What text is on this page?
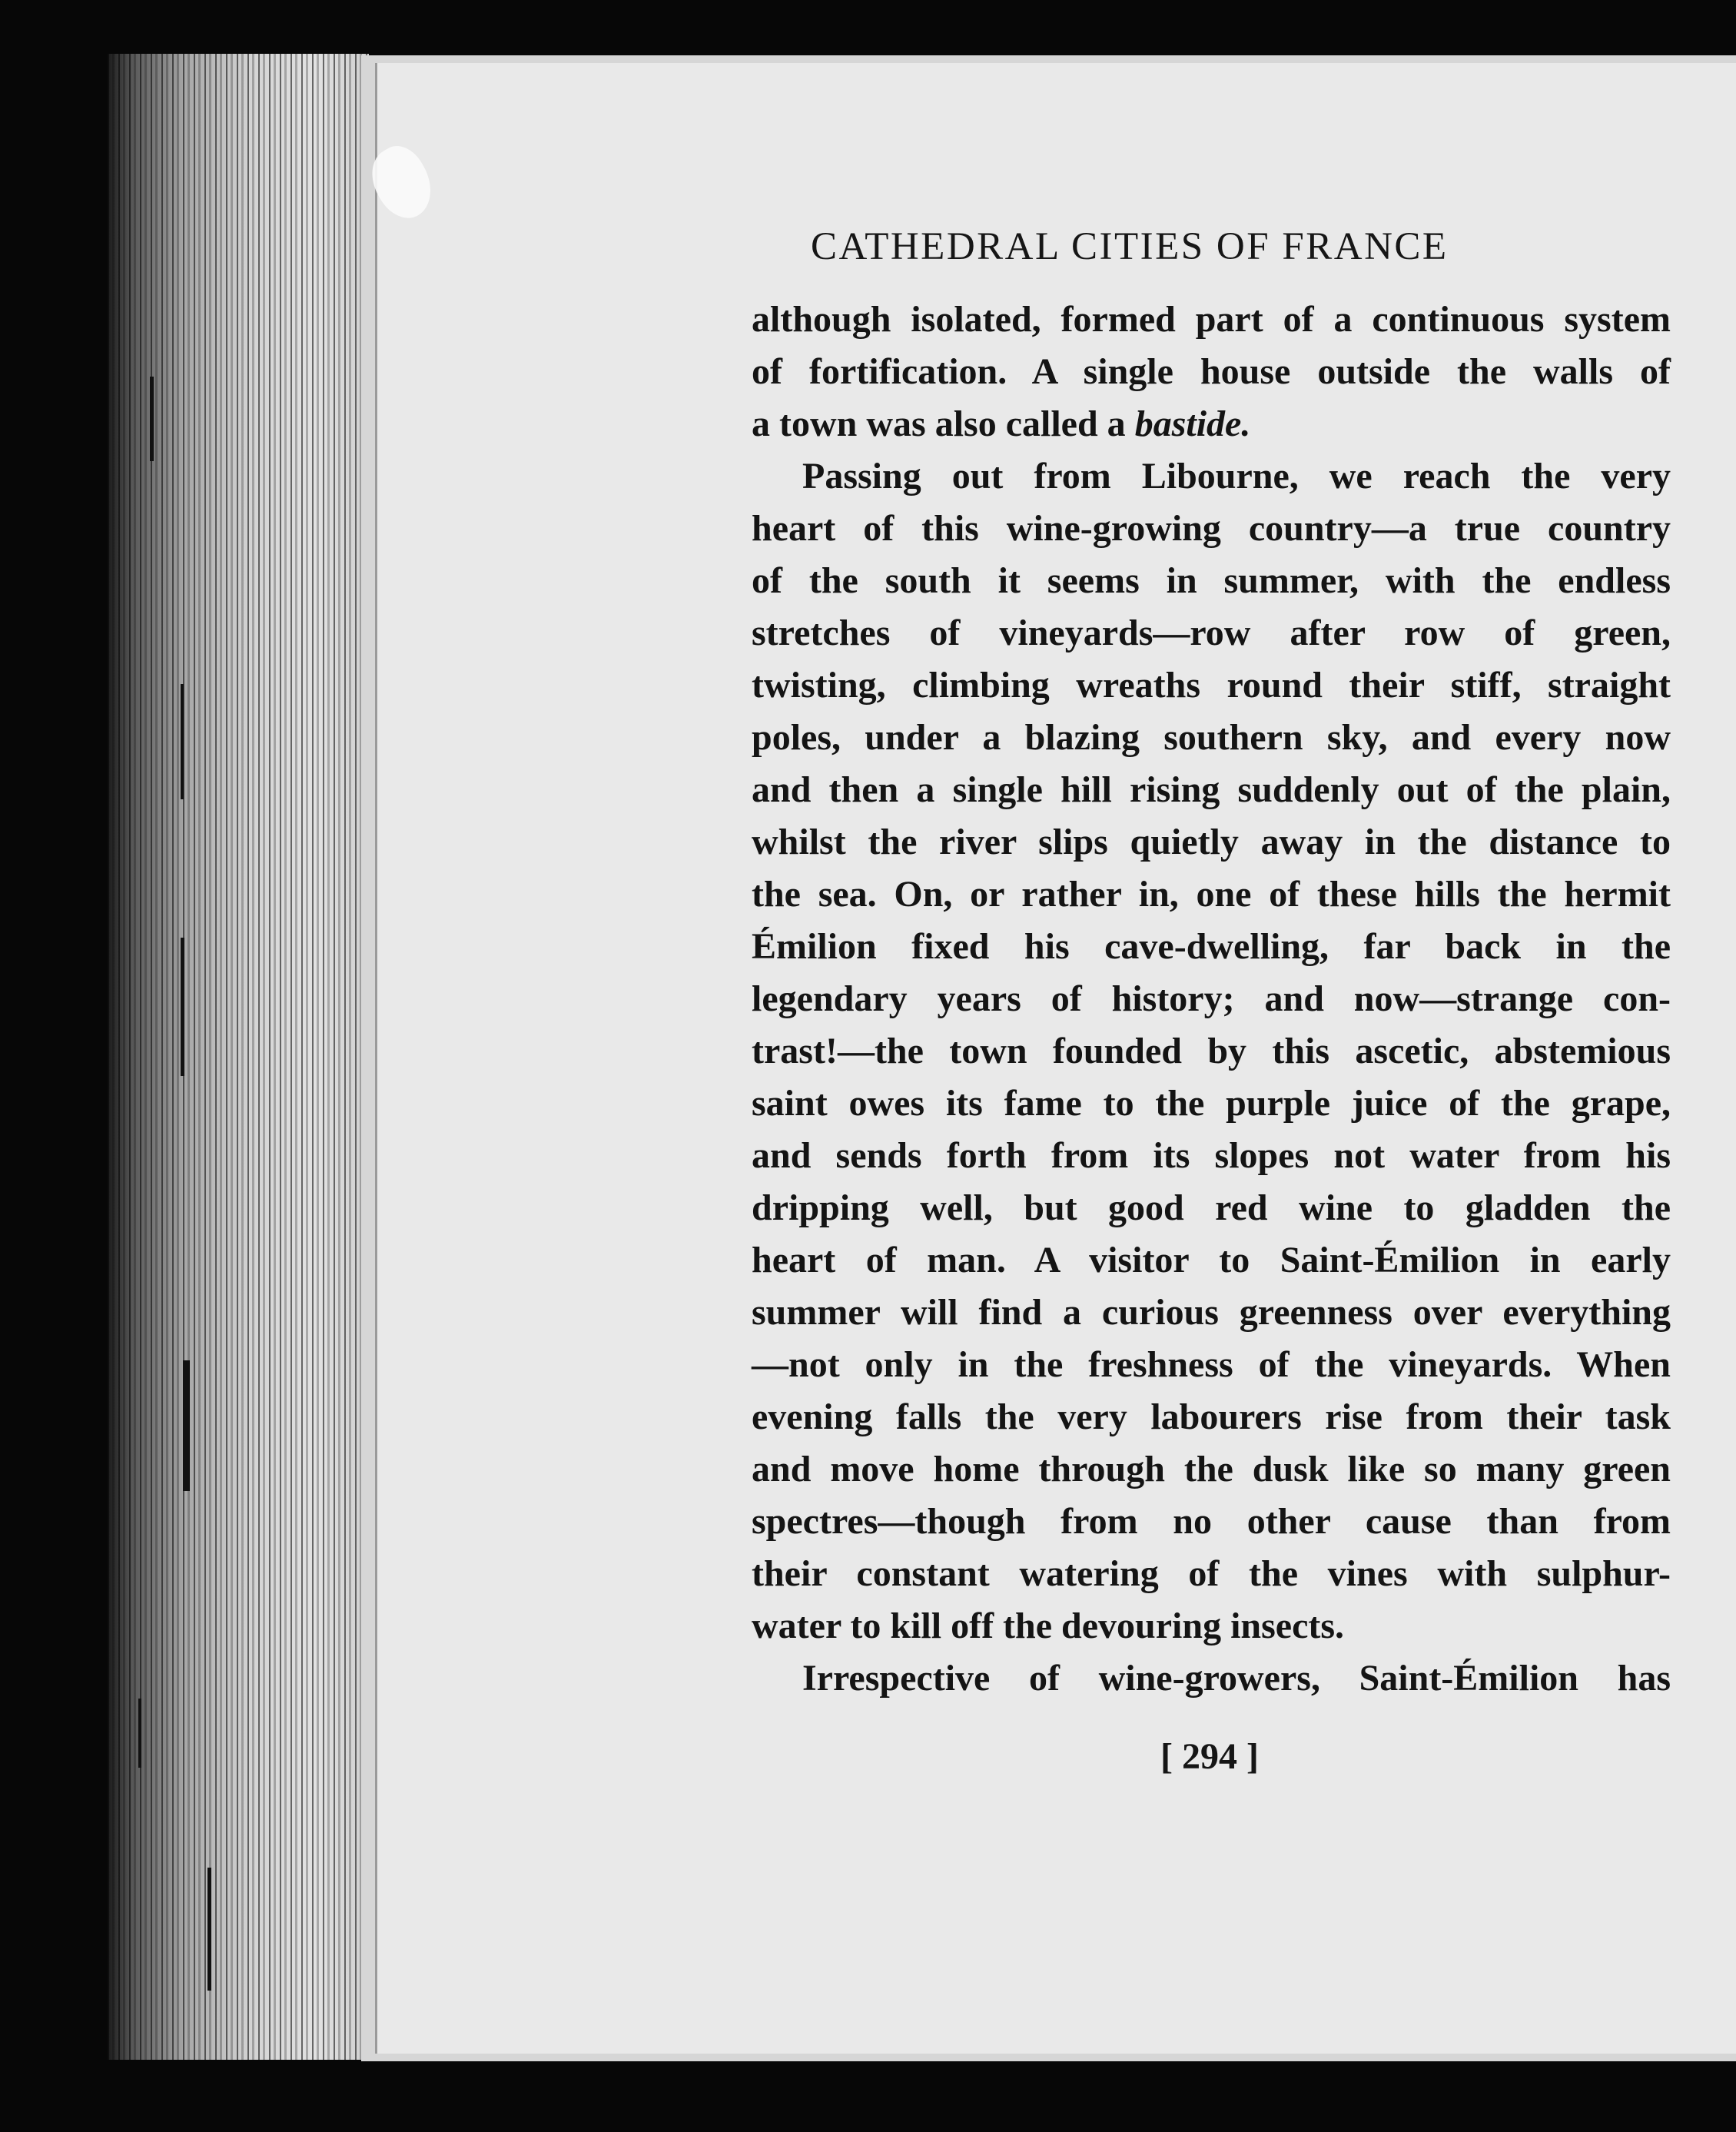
CATHEDRAL CITIES OF FRANCE
although isolated, formed part of a continuous system
of fortification. A single house outside the walls of
a town was also called a bastide.
Passing out from Libourne, we reach the very
heart of this wine-growing country—a true country
of the south it seems in summer, with the endless
stretches of vineyards—row after row of green,
twisting, climbing wreaths round their stiff, straight
poles, under a blazing southern sky, and every now
and then a single hill rising suddenly out of the plain,
whilst the river slips quietly away in the distance to
the sea. On, or rather in, one of these hills the hermit
Émilion fixed his cave-dwelling, far back in the
legendary years of history; and now—strange con-
trast!—the town founded by this ascetic, abstemious
saint owes its fame to the purple juice of the grape,
and sends forth from its slopes not water from his
dripping well, but good red wine to gladden the
heart of man. A visitor to Saint-Émilion in early
summer will find a curious greenness over everything
—not only in the freshness of the vineyards. When
evening falls the very labourers rise from their task
and move home through the dusk like so many green
spectres—though from no other cause than from
their constant watering of the vines with sulphur-
water to kill off the devouring insects.
Irrespective of wine-growers, Saint-Émilion has
[ 294 ]
